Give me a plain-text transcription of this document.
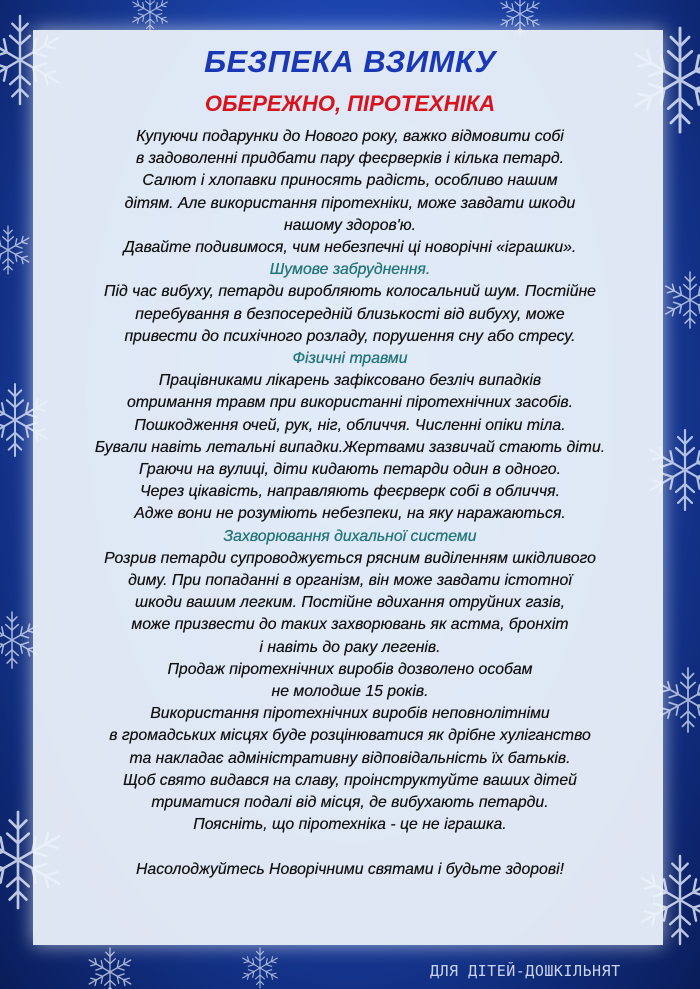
БЕЗПЕКА ВЗИМКУ
ОБЕРЕЖНО, ПІРОТЕХНІКА
Купуючи подарунки до Нового року, важко відмовити собі
в задоволенні придбати пару феєрверків і кілька петард.
Салют і хлопавки приносять радість, особливо нашим
дітям. Але використання піротехніки, може завдати шкоди
нашому здоров'ю.
Давайте подивимося, чим небезпечні ці новорічні «іграшки».
Шумове забруднення.
Під час вибуху, петарди виробляють колосальний шум. Постійне
перебування в безпосередній близькості від вибуху, може
привести до психічного розладу, порушення сну або стресу.
Фізичні травми
Працівниками лікарень зафіксовано безліч випадків
отримання травм при використанні піротехнічних засобів.
Пошкодження очей, рук, ніг, обличчя. Численні опіки тіла.
Бували навіть летальні випадки.Жертвами зазвичай стають діти.
Граючи на вулиці, діти кидають петарди один в одного.
Через цікавість, направляють феєрверк собі в обличчя.
Адже вони не розуміють небезпеки, на яку наражаються.
Захворювання дихальної системи
Розрив петарди супроводжується рясним виділенням шкідливого
диму. При попаданні в організм, він може завдати істотної
шкоди вашим легким. Постійне вдихання отруйних газів,
може призвести до таких захворювань як астма, бронхіт
і навіть до раку легенів.
Продаж піротехнічних виробів дозволено особам
не молодше 15 років.
Використання піротехнічних виробів неповнолітніми
в громадських місцях буде розцінюватися як дрібне хуліганство
та накладає адміністративну відповідальність їх батьків.
Щоб свято видався на славу, проінструктуйте ваших дітей
триматися подалі від місця, де вибухають петарди.
Поясніть, що піротехніка - це не іграшка.
Насолоджуйтесь Новорічними святами і будьте здорові!
ДЛЯ ДІТЕЙ-ДОШКІЛЬНЯТ
